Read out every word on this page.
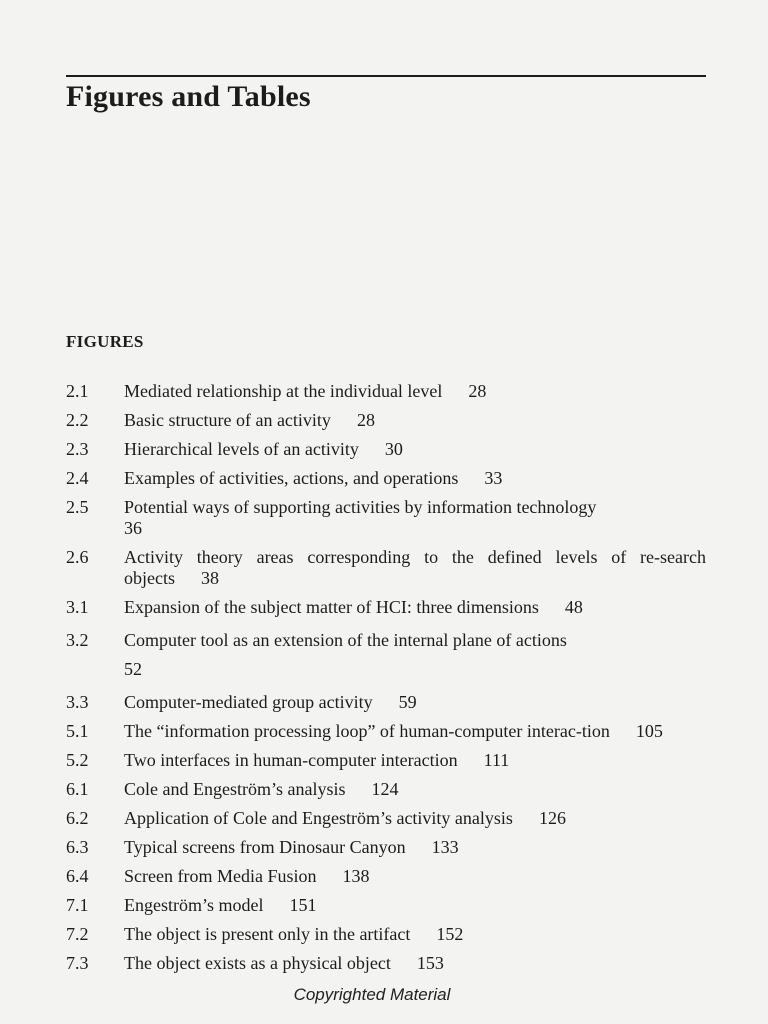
Figures and Tables
FIGURES
2.1	Mediated relationship at the individual level 28
2.2	Basic structure of an activity 28
2.3	Hierarchical levels of an activity 30
2.4	Examples of activities, actions, and operations 33
2.5	Potential ways of supporting activities by information technology
36
2.6	Activity theory areas corresponding to the defined levels of re-search objects 38
3.1	Expansion of the subject matter of HCI: three dimensions 48
3.2	Computer tool as an extension of the internal plane of actions
52
3.3	Computer-mediated group activity 59
5.1	The “information processing loop” of human-computer interac-tion 105
5.2	Two interfaces in human-computer interaction 111
6.1	Cole and Engeström’s analysis 124
6.2	Application of Cole and Engeström’s activity analysis 126
6.3	Typical screens from Dinosaur Canyon 133
6.4	Screen from Media Fusion 138
7.1	Engeström’s model 151
7.2	The object is present only in the artifact 152
7.3	The object exists as a physical object 153
Copyrighted Material
